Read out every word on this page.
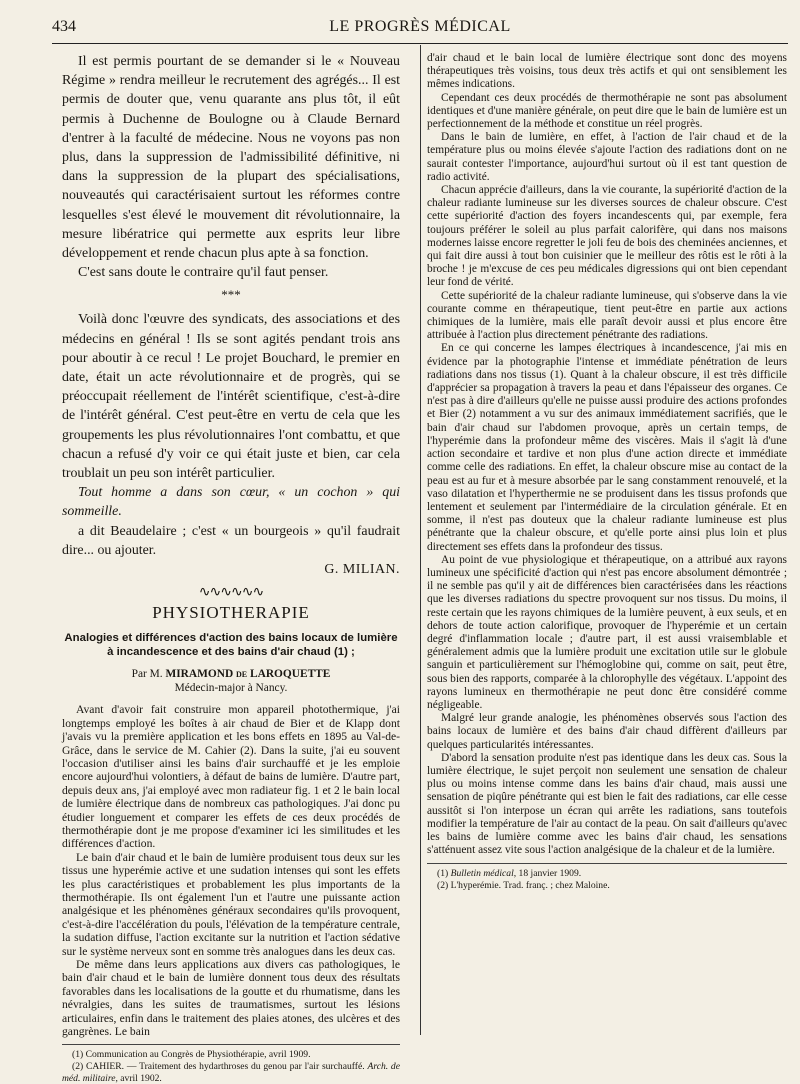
434	LE PROGRÈS MÉDICAL

Il est permis pourtant de se demander si le « Nouveau Régime » rendra meilleur le recrutement des agrégés... Il est permis de douter que, venu quarante ans plus tôt, il eût permis à Duchenne de Boulogne ou à Claude Bernard d'entrer à la faculté de médecine. Nous ne voyons pas non plus, dans la suppression de l'admissibilité définitive, ni dans la suppression de la plupart des spécialisations, nouveautés qui caractérisaient surtout les réformes contre lesquelles s'est élevé le mouvement dit révolutionnaire, la mesure libératrice qui permette aux esprits leur libre développement et rende chacun plus apte à sa fonction.

C'est sans doute le contraire qu'il faut penser.

***

Voilà donc l'œuvre des syndicats, des associations et des médecins en général ! Ils se sont agités pendant trois ans pour aboutir à ce recul ! Le projet Bouchard, le premier en date, était un acte révolutionnaire et de progrès, qui se préoccupait réellement de l'intérêt scientifique, c'est-à-dire de l'intérêt général. C'est peut-être en vertu de cela que les groupements les plus révolutionnaires l'ont combattu, et que chacun a refusé d'y voir ce qui était juste et bien, car cela troublait un peu son intérêt particulier.

Tout homme a dans son cœur, « un cochon » qui sommeille.

a dit Beaudelaire ; c'est « un bourgeois » qu'il faudrait dire... ou ajouter.

G. MILIAN.
∿∿∿∿∿∿
PHYSIOTHERAPIE
Analogies et différences d'action des bains locaux de lumière à incandescence et des bains d'air chaud (1) ;
Par M. MIRAMOND de LAROQUETTE
Médecin-major à Nancy.

Avant d'avoir fait construire mon appareil photothermique, j'ai longtemps employé les boîtes à air chaud de Bier et de Klapp dont j'avais vu la première application et les bons effets en 1895 au Val-de-Grâce, dans le service de M. Cahier (2). Dans la suite, j'ai eu souvent l'occasion d'utiliser ainsi les bains d'air surchauffé et je les emploie encore aujourd'hui volontiers, à défaut de bains de lumière. D'autre part, depuis deux ans, j'ai employé avec mon radiateur fig. 1 et 2 le bain local de lumière électrique dans de nombreux cas pathologiques. J'ai donc pu étudier longuement et comparer les effets de ces deux procédés de thermothérapie dont je me propose d'examiner ici les similitudes et les différences d'action.

Le bain d'air chaud et le bain de lumière produisent tous deux sur les tissus une hyperémie active et une sudation intenses qui sont les effets les plus caractéristiques et probablement les plus importants de la thermothérapie. Ils ont également l'un et l'autre une puissante action analgésique et les phénomènes généraux secondaires qu'ils provoquent, c'est-à-dire l'accélération du pouls, l'élévation de la température centrale, la sudation diffuse, l'action excitante sur la nutrition et l'action sédative sur le système nerveux sont en somme très analogues dans les deux cas.

De même dans leurs applications aux divers cas pathologiques, le bain d'air chaud et le bain de lumière donnent tous deux des résultats favorables dans les localisations de la goutte et du rhumatisme, dans les névralgies, dans les suites de traumatismes, surtout les lésions articulaires, enfin dans le traitement des plaies atones, des ulcères et des gangrènes. Le bain

(1) Communication au Congrès de Physiothérapie, avril 1909.

(2) CAHIER. — Traitement des hydarthroses du genou par l'air surchauffé. Arch. de méd. militaire, avril 1902.

d'air chaud et le bain local de lumière électrique sont donc des moyens thérapeutiques très voisins, tous deux très actifs et qui ont sensiblement les mêmes indications.

Cependant ces deux procédés de thermothérapie ne sont pas absolument identiques et d'une manière générale, on peut dire que le bain de lumière est un perfectionnement de la méthode et constitue un réel progrès.

Dans le bain de lumière, en effet, à l'action de l'air chaud et de la température plus ou moins élevée s'ajoute l'action des radiations dont on ne saurait contester l'importance, aujourd'hui surtout où il est tant question de radio activité.

Chacun apprécie d'ailleurs, dans la vie courante, la supériorité d'action de la chaleur radiante lumineuse sur les diverses sources de chaleur obscure. C'est cette supériorité d'action des foyers incandescents qui, par exemple, fera toujours préférer le soleil au plus parfait calorifère, qui dans nos maisons modernes laisse encore regretter le joli feu de bois des cheminées anciennes, et qui fait dire aussi à tout bon cuisinier que le meilleur des rôtis est le rôti à la broche ! je m'excuse de ces peu médicales digressions qui ont bien cependant leur fond de vérité.

Cette supériorité de la chaleur radiante lumineuse, qui s'observe dans la vie courante comme en thérapeutique, tient peut-être en partie aux actions chimiques de la lumière, mais elle paraît devoir aussi et plus encore être attribuée à l'action plus directement pénétrante des radiations.

En ce qui concerne les lampes électriques à incandescence, j'ai mis en évidence par la photographie l'intense et immédiate pénétration de leurs radiations dans nos tissus (1). Quant à la chaleur obscure, il est très difficile d'apprécier sa propagation à travers la peau et dans l'épaisseur des organes. Ce n'est pas à dire d'ailleurs qu'elle ne puisse aussi produire des actions profondes et Bier (2) notamment a vu sur des animaux immédiatement sacrifiés, que le bain d'air chaud sur l'abdomen provoque, après un certain temps, de l'hyperémie dans la profondeur même des viscères. Mais il s'agit là d'une action secondaire et tardive et non plus d'une action directe et immédiate comme celle des radiations. En effet, la chaleur obscure mise au contact de la peau est au fur et à mesure absorbée par le sang constamment renouvelé, et la vaso dilatation et l'hyperthermie ne se produisent dans les tissus profonds que lentement et seulement par l'intermédiaire de la circulation générale. Et en somme, il n'est pas douteux que la chaleur radiante lumineuse est plus pénétrante que la chaleur obscure, et qu'elle porte ainsi plus loin et plus directement ses effets dans la profondeur des tissus.

Au point de vue physiologique et thérapeutique, on a attribué aux rayons lumineux une spécificité d'action qui n'est pas encore absolument démontrée ; il ne semble pas qu'il y ait de différences bien caractérisées dans les réactions que les diverses radiations du spectre provoquent sur nos tissus. Du moins, il reste certain que les rayons chimiques de la lumière peuvent, à eux seuls, et en dehors de toute action calorifique, provoquer de l'hyperémie et un certain degré d'inflammation locale ; d'autre part, il est aussi vraisemblable et généralement admis que la lumière produit une excitation utile sur le globule sanguin et particulièrement sur l'hémoglobine qui, comme on sait, peut être, sous bien des rapports, comparée à la chlorophylle des végétaux. L'appoint des rayons lumineux en thermothérapie ne peut donc être considéré comme négligeable.

Malgré leur grande analogie, les phénomènes observés sous l'action des bains locaux de lumière et des bains d'air chaud diffèrent d'ailleurs par quelques particularités intéressantes.

D'abord la sensation produite n'est pas identique dans les deux cas. Sous la lumière électrique, le sujet perçoit non seulement une sensation de chaleur plus ou moins intense comme dans les bains d'air chaud, mais aussi une sensation de piqûre pénétrante qui est bien le fait des radiations, car elle cesse aussitôt si l'on interpose un écran qui arrête les radiations, sans toutefois modifier la température de l'air au contact de la peau. On sait d'ailleurs qu'avec les bains de lumière comme avec les bains d'air chaud, les sensations s'atténuent assez vite sous l'action analgésique de la chaleur et de la lumière.

(1) Bulletin médical, 18 janvier 1909.

(2) L'hyperémie. Trad. franç. ; chez Maloine.
